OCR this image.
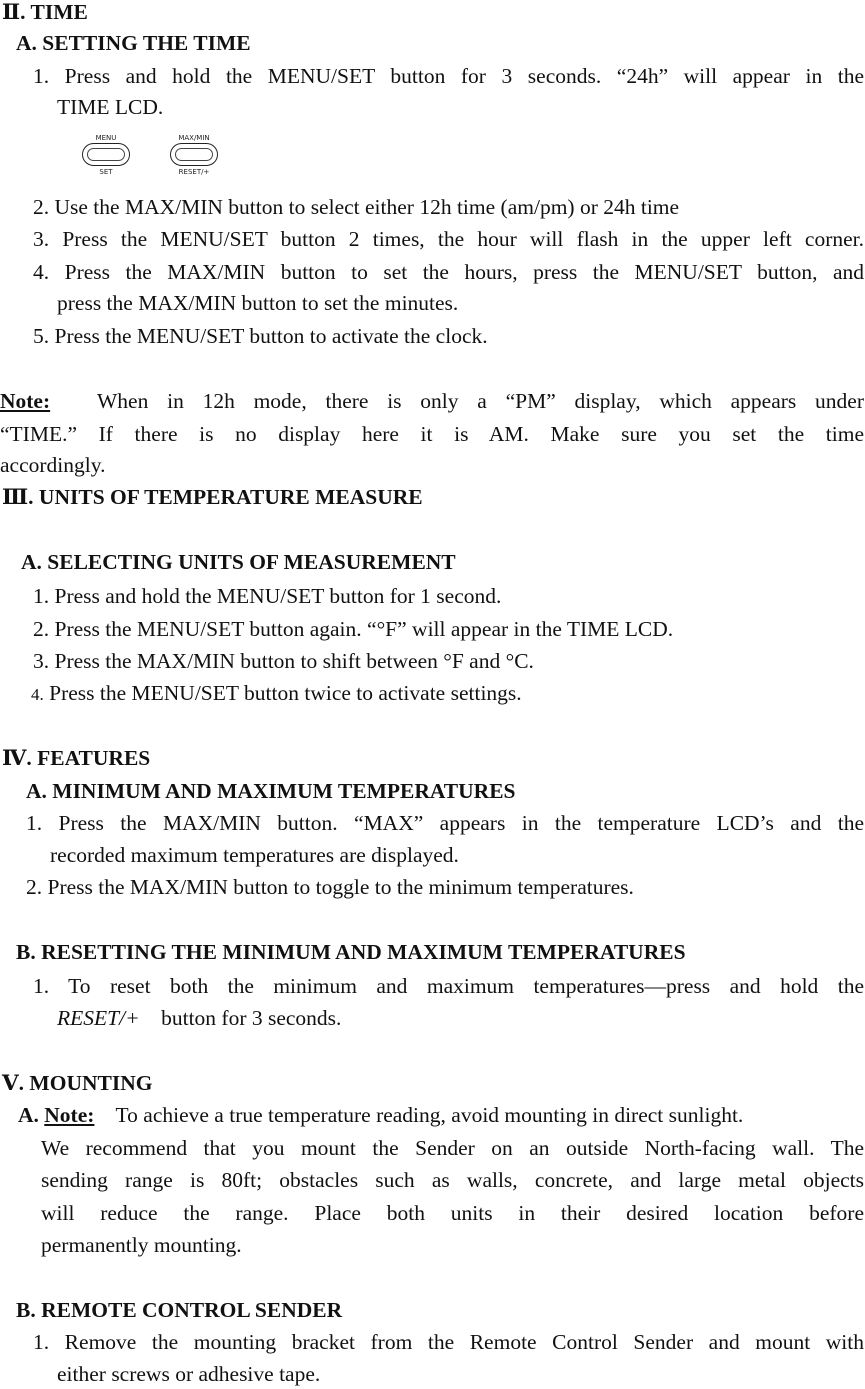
Ⅱ. TIME
A. SETTING THE TIME
1. Press and hold the MENU/SET button for 3 seconds. “24h” will appear in the
TIME LCD.
MENU
SET
MAX/MIN
RESET/+
2. Use the MAX/MIN button to select either 12h time (am/pm) or 24h time
3. Press the MENU/SET button 2 times, the hour will flash in the upper left corner.
4. Press the MAX/MIN button to set the hours, press the MENU/SET button, and
press the MAX/MIN button to set the minutes.
5. Press the MENU/SET button to activate the clock.
Note: When in 12h mode, there is only a “PM” display, which appears under
“TIME.” If there is no display here it is AM. Make sure you set the time
accordingly.
Ⅲ. UNITS OF TEMPERATURE MEASURE
A. SELECTING UNITS OF MEASUREMENT
1. Press and hold the MENU/SET button for 1 second.
2. Press the MENU/SET button again. “°F” will appear in the TIME LCD.
3. Press the MAX/MIN button to shift between °F and °C.
4. Press the MENU/SET button twice to activate settings.
Ⅳ. FEATURES
A. MINIMUM AND MAXIMUM TEMPERATURES
1. Press the MAX/MIN button. “MAX” appears in the temperature LCD’s and the
recorded maximum temperatures are displayed.
2. Press the MAX/MIN button to toggle to the minimum temperatures.
B. RESETTING THE MINIMUM AND MAXIMUM TEMPERATURES
1. To reset both the minimum and maximum temperatures—press and hold the
RESET/+    button for 3 seconds.
Ⅴ. MOUNTING
A. Note:    To achieve a true temperature reading, avoid mounting in direct sunlight.
We recommend that you mount the Sender on an outside North-facing wall. The
sending range is 80ft; obstacles such as walls, concrete, and large metal objects
will reduce the range. Place both units in their desired location before
permanently mounting.
B. REMOTE CONTROL SENDER
1. Remove the mounting bracket from the Remote Control Sender and mount with
either screws or adhesive tape.
